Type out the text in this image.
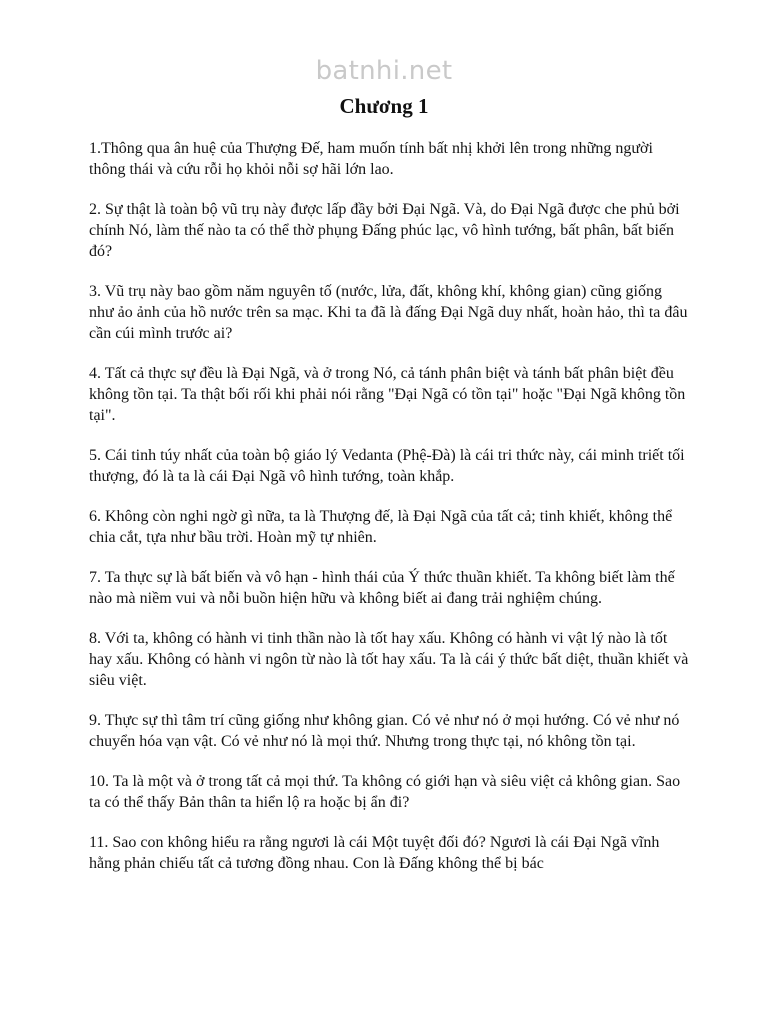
batnhi.net
Chương 1

1.Thông qua ân huệ của Thượng Đế, ham muốn tính bất nhị khởi lên trong những người thông thái và cứu rỗi họ khỏi nỗi sợ hãi lớn lao.

2. Sự thật là toàn bộ vũ trụ này được lấp đầy bởi Đại Ngã. Và, do Đại Ngã được che phủ bởi chính Nó, làm thế nào ta có thể thờ phụng Đấng phúc lạc, vô hình tướng, bất phân, bất biến đó?

3. Vũ trụ này bao gồm năm nguyên tố (nước, lửa, đất, không khí, không gian) cũng giống như ảo ảnh của hồ nước trên sa mạc. Khi ta đã là đấng Đại Ngã duy nhất, hoàn hảo, thì ta đâu cần cúi mình trước ai?

4. Tất cả thực sự đều là Đại Ngã, và ở trong Nó, cả tánh phân biệt và tánh bất phân biệt đều không tồn tại. Ta thật bối rối khi phải nói rằng "Đại Ngã có tồn tại" hoặc "Đại Ngã không tồn tại".

5. Cái tinh túy nhất của toàn bộ giáo lý Vedanta (Phệ-Đà) là cái tri thức này, cái minh triết tối thượng, đó là ta là cái Đại Ngã vô hình tướng, toàn khắp.

6. Không còn nghi ngờ gì nữa, ta là Thượng đế, là Đại Ngã của tất cả; tinh khiết, không thể chia cắt, tựa như bầu trời. Hoàn mỹ tự nhiên.

7. Ta thực sự là bất biến và vô hạn - hình thái của Ý thức thuần khiết. Ta không biết làm thế nào mà niềm vui và nỗi buồn hiện hữu và không biết ai đang trải nghiệm chúng.

8. Với ta, không có hành vi tinh thần nào là tốt hay xấu. Không có hành vi vật lý nào là tốt hay xấu. Không có hành vi ngôn từ nào là tốt hay xấu. Ta là cái ý thức bất diệt, thuần khiết và siêu việt.

9. Thực sự thì tâm trí cũng giống như không gian. Có vẻ như nó ở mọi hướng. Có vẻ như nó chuyển hóa vạn vật. Có vẻ như nó là mọi thứ. Nhưng trong thực tại, nó không tồn tại.

10. Ta là một và ở trong tất cả mọi thứ. Ta không có giới hạn và siêu việt cả không gian. Sao ta có thể thấy Bản thân ta hiển lộ ra hoặc bị ẩn đi?

11. Sao con không hiểu ra rằng ngươi là cái Một tuyệt đối đó? Ngươi là cái Đại Ngã vĩnh hằng phản chiếu tất cả tương đồng nhau. Con là Đấng không thể bị bác
